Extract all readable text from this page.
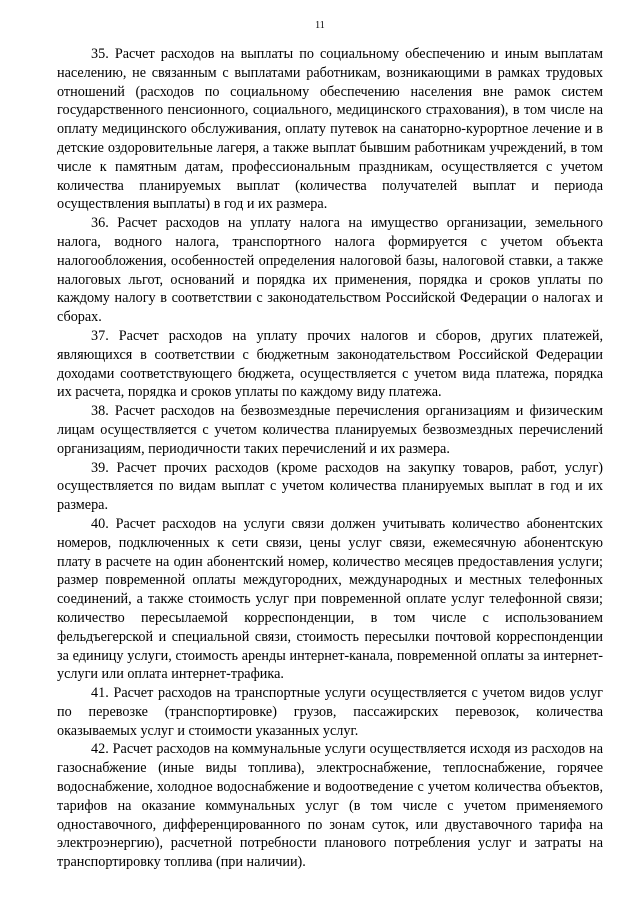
11

35. Расчет расходов на выплаты по социальному обеспечению и иным выплатам населению, не связанным с выплатами работникам, возникающими в рамках трудовых отношений (расходов по социальному обеспечению населения вне рамок систем государственного пенсионного, социального, медицинского страхования), в том числе на оплату медицинского обслуживания, оплату путевок на санаторно-курортное лечение и в детские оздоровительные лагеря, а также выплат бывшим работникам учреждений, в том числе к памятным датам, профессиональным праздникам, осуществляется с учетом количества планируемых выплат (количества получателей выплат и периода осуществления выплаты) в год и их размера.

36. Расчет расходов на уплату налога на имущество организации, земельного налога, водного налога, транспортного налога формируется с учетом объекта налогообложения, особенностей определения налоговой базы, налоговой ставки, а также налоговых льгот, оснований и порядка их применения, порядка и сроков уплаты по каждому налогу в соответствии с законодательством Российской Федерации о налогах и сборах.

37. Расчет расходов на уплату прочих налогов и сборов, других платежей, являющихся в соответствии с бюджетным законодательством Российской Федерации доходами соответствующего бюджета, осуществляется с учетом вида платежа, порядка их расчета, порядка и сроков уплаты по каждому виду платежа.

38. Расчет расходов на безвозмездные перечисления организациям и физическим лицам осуществляется с учетом количества планируемых безвозмездных перечислений организациям, периодичности таких перечислений и их размера.

39. Расчет прочих расходов (кроме расходов на закупку товаров, работ, услуг) осуществляется по видам выплат с учетом количества планируемых выплат в год и их размера.

40. Расчет расходов на услуги связи должен учитывать количество абонентских номеров, подключенных к сети связи, цены услуг связи, ежемесячную абонентскую плату в расчете на один абонентский номер, количество месяцев предоставления услуги; размер повременной оплаты междугородних, международных и местных телефонных соединений, а также стоимость услуг при повременной оплате услуг телефонной связи; количество пересылаемой корреспонденции, в том числе с использованием фельдъегерской и специальной связи, стоимость пересылки почтовой корреспонденции за единицу услуги, стоимость аренды интернет-канала, повременной оплаты за интернет-услуги или оплата интернет-трафика.

41. Расчет расходов на транспортные услуги осуществляется с учетом видов услуг по перевозке (транспортировке) грузов, пассажирских перевозок, количества оказываемых услуг и стоимости указанных услуг.

42. Расчет расходов на коммунальные услуги осуществляется исходя из расходов на газоснабжение (иные виды топлива), электроснабжение, теплоснабжение, горячее водоснабжение, холодное водоснабжение и водоотведение с учетом количества объектов, тарифов на оказание коммунальных услуг (в том числе с учетом применяемого одноставочного, дифференцированного по зонам суток, или двуставочного тарифа на электроэнергию), расчетной потребности планового потребления услуг и затраты на транспортировку топлива (при наличии).
